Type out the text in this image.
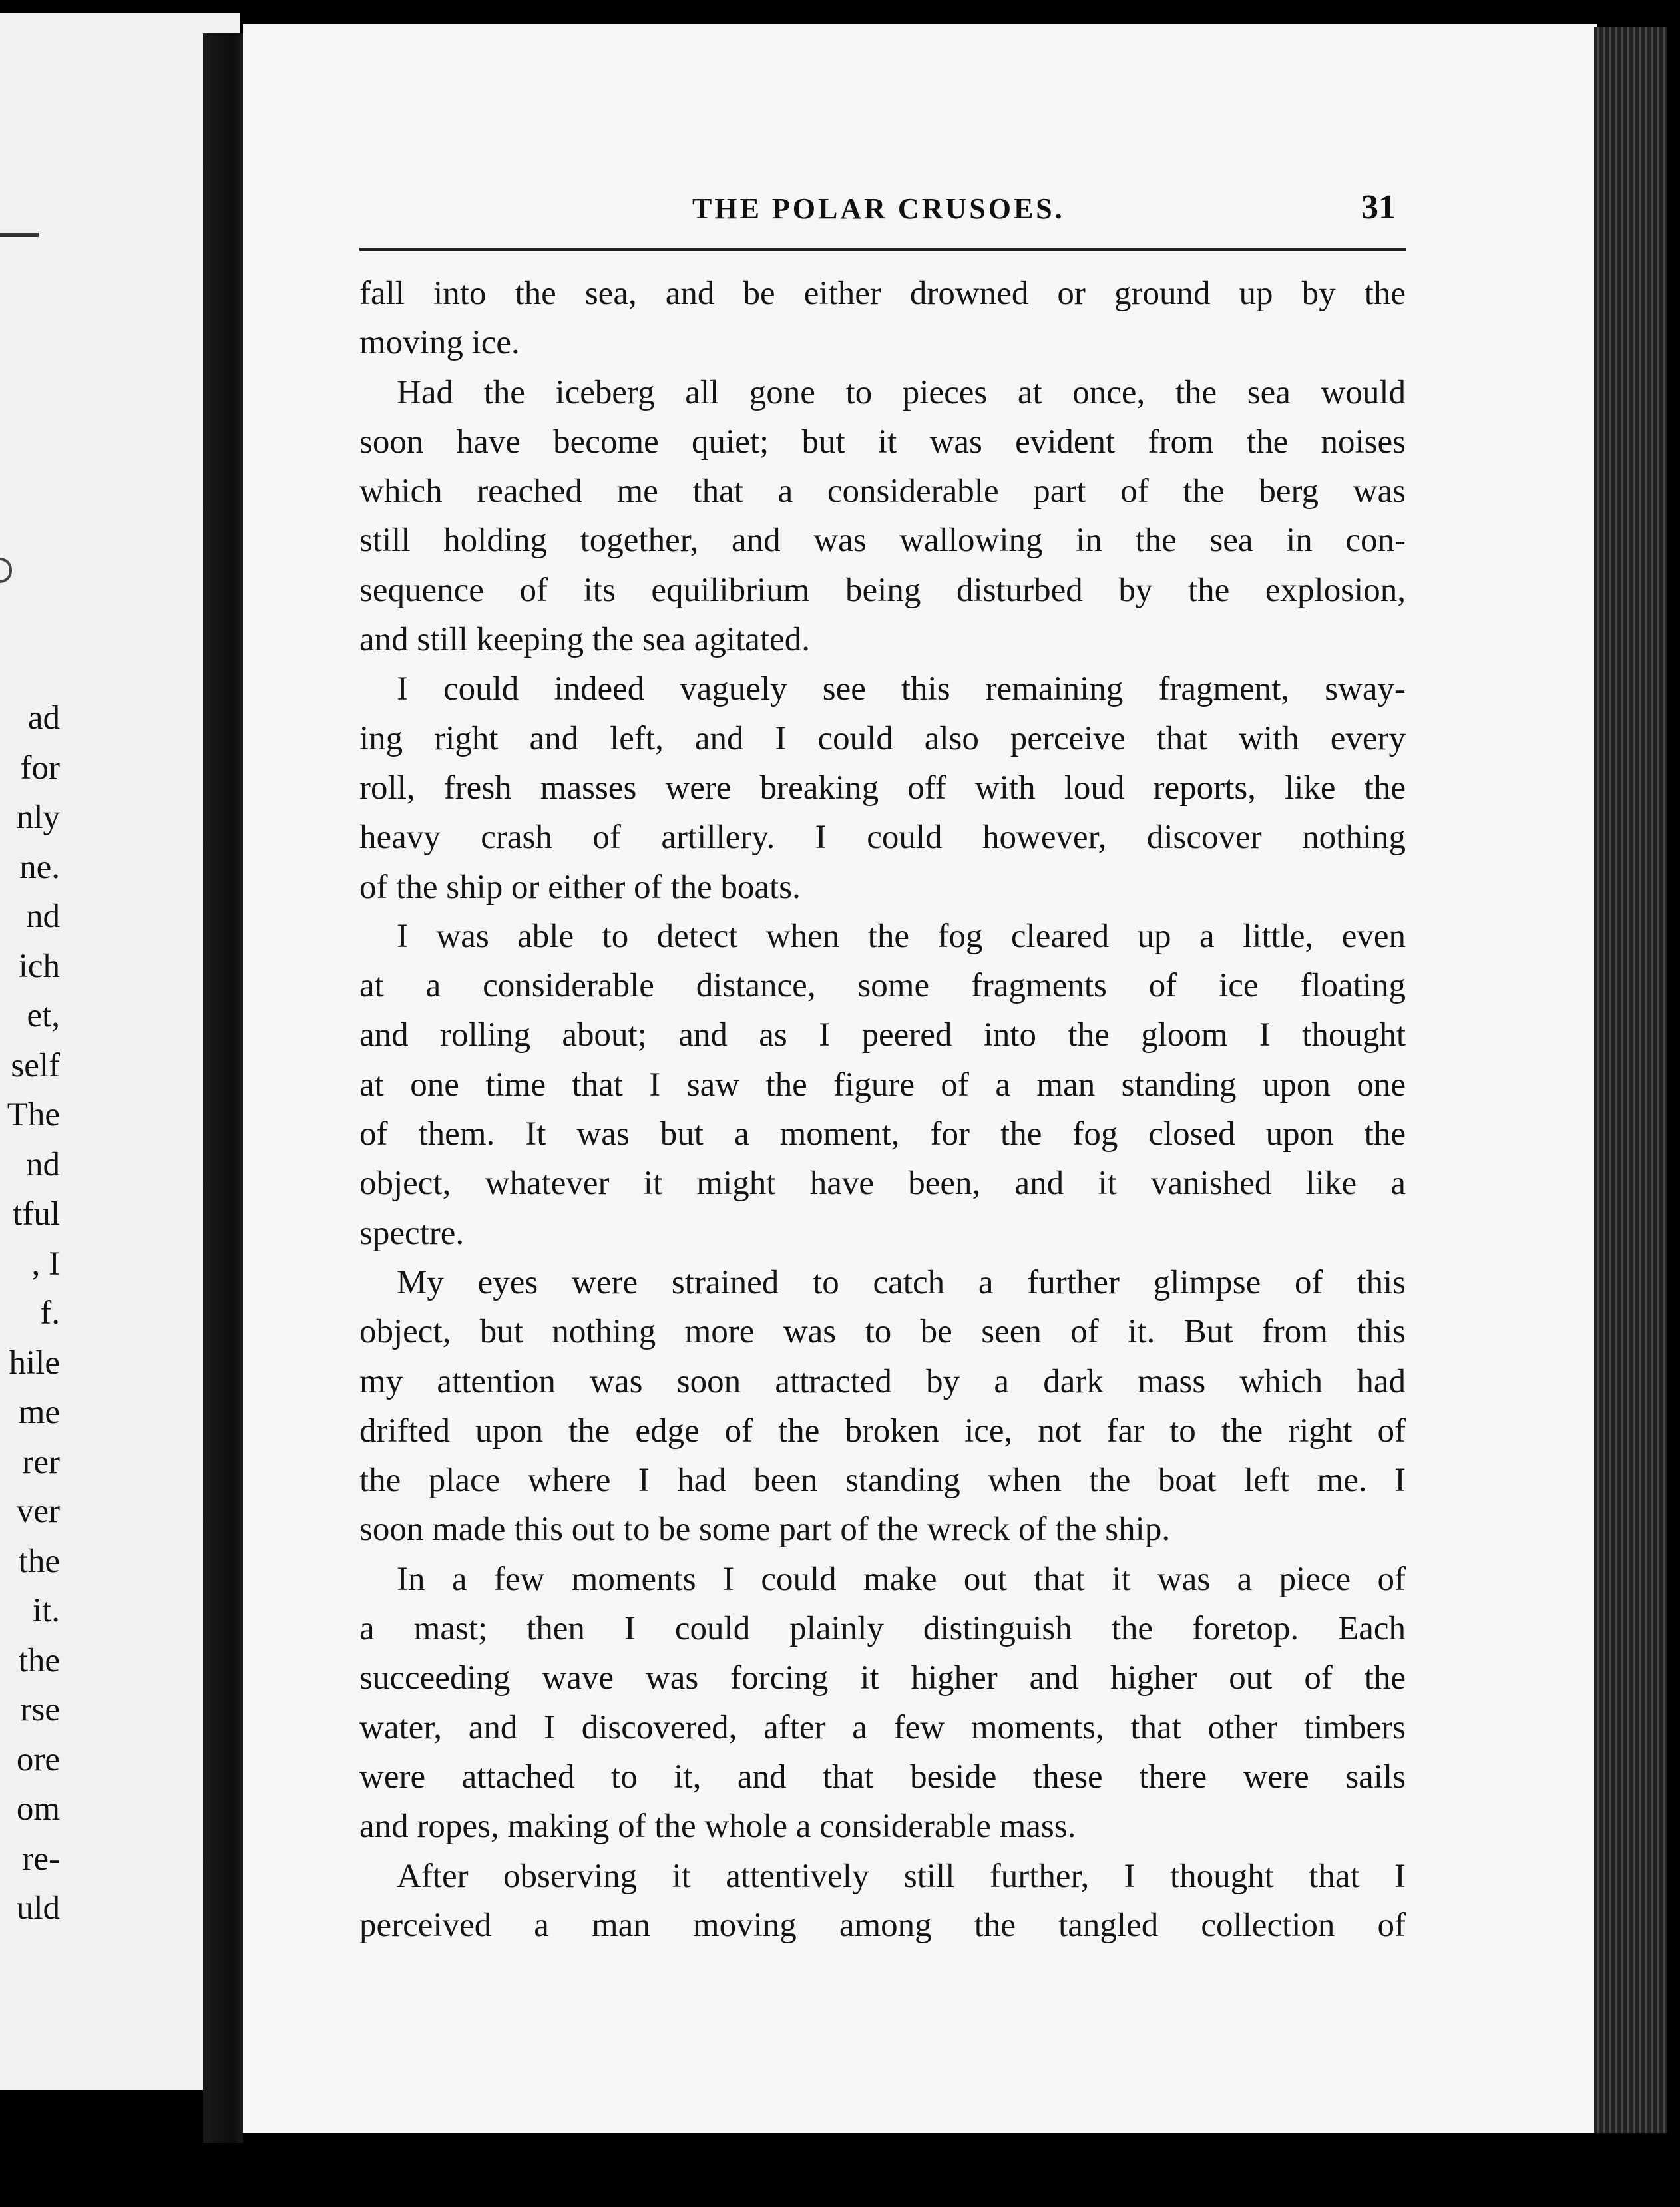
ad
for
nly
ne.
nd
ich
et,
self
The
nd
tful
, I
f.
hile
me
rer
ver
the
it.
the
rse
ore
om
re-
uld
THE POLAR CRUSOES.	31
fall into the sea, and be either drowned or ground up by the
moving ice.
Had the iceberg all gone to pieces at once, the sea would
soon have become quiet; but it was evident from the noises
which reached me that a considerable part of the berg was
still holding together, and was wallowing in the sea in con-
sequence of its equilibrium being disturbed by the explosion,
and still keeping the sea agitated.
I could indeed vaguely see this remaining fragment, sway-
ing right and left, and I could also perceive that with every
roll, fresh masses were breaking off with loud reports, like the
heavy crash of artillery. I could however, discover nothing
of the ship or either of the boats.
I was able to detect when the fog cleared up a little, even
at a considerable distance, some fragments of ice floating
and rolling about; and as I peered into the gloom I thought
at one time that I saw the figure of a man standing upon one
of them. It was but a moment, for the fog closed upon the
object, whatever it might have been, and it vanished like a
spectre.
My eyes were strained to catch a further glimpse of this
object, but nothing more was to be seen of it. But from this
my attention was soon attracted by a dark mass which had
drifted upon the edge of the broken ice, not far to the right of
the place where I had been standing when the boat left me. I
soon made this out to be some part of the wreck of the ship.
In a few moments I could make out that it was a piece of
a mast; then I could plainly distinguish the foretop. Each
succeeding wave was forcing it higher and higher out of the
water, and I discovered, after a few moments, that other timbers
were attached to it, and that beside these there were sails
and ropes, making of the whole a considerable mass.
After observing it attentively still further, I thought that I
perceived a man moving among the tangled collection of
